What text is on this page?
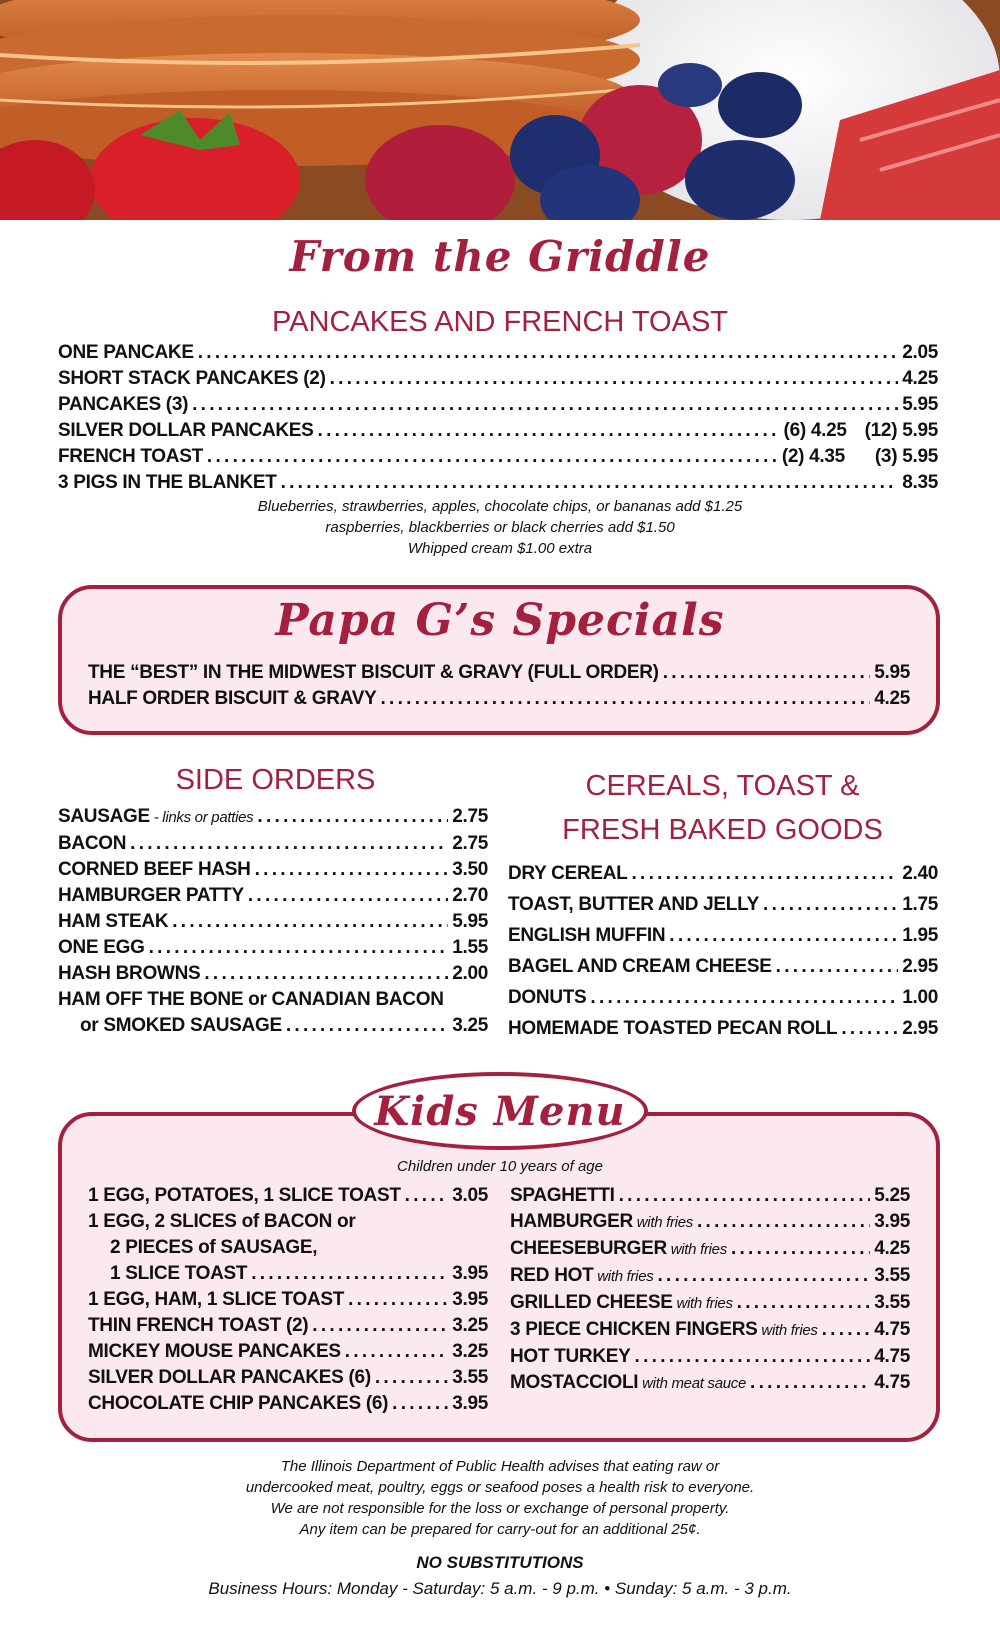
From the Griddle
PANCAKES AND FRENCH TOAST
ONE PANCAKE . . .	2.05
SHORT STACK PANCAKES (2) . . .	4.25
PANCAKES (3) . . .	5.95
SILVER DOLLAR PANCAKES . . .	(6) 4.25 (12) 5.95
FRENCH TOAST . . .	(2) 4.35 (3) 5.95
3 PIGS IN THE BLANKET . . .	8.35
Blueberries, strawberries, apples, chocolate chips, or bananas add $1.25
raspberries, blackberries or black cherries add $1.50
Whipped cream $1.00 extra
Papa G’s Specials
THE “BEST” IN THE MIDWEST BISCUIT & GRAVY (FULL ORDER) . . .	5.95
HALF ORDER BISCUIT & GRAVY . . .	4.25
SIDE ORDERS
SAUSAGE - links or patties . . .	2.75
BACON . . .	2.75
CORNED BEEF HASH . . .	3.50
HAMBURGER PATTY . . .	2.70
HAM STEAK . . .	5.95
ONE EGG . . .	1.55
HASH BROWNS . . .	2.00
HAM OFF THE BONE or CANADIAN BACON
or SMOKED SAUSAGE . . .	3.25
CEREALS, TOAST &
FRESH BAKED GOODS
DRY CEREAL . . .	2.40
TOAST, BUTTER AND JELLY . . .	1.75
ENGLISH MUFFIN . . .	1.95
BAGEL AND CREAM CHEESE . . .	2.95
DONUTS . . .	1.00
HOMEMADE TOASTED PECAN ROLL . . .	2.95
Kids Menu
Children under 10 years of age
1 EGG, POTATOES, 1 SLICE TOAST . . .	3.05
1 EGG, 2 SLICES of BACON or
2 PIECES of SAUSAGE,
1 SLICE TOAST . . .	3.95
1 EGG, HAM, 1 SLICE TOAST . . .	3.95
THIN FRENCH TOAST (2) . . .	3.25
MICKEY MOUSE PANCAKES . . .	3.25
SILVER DOLLAR PANCAKES (6) . . .	3.55
CHOCOLATE CHIP PANCAKES (6) . . .	3.95
SPAGHETTI . . .	5.25
HAMBURGER with fries . . .	3.95
CHEESEBURGER with fries . . .	4.25
RED HOT with fries . . .	3.55
GRILLED CHEESE with fries . . .	3.55
3 PIECE CHICKEN FINGERS with fries . . .	4.75
HOT TURKEY . . .	4.75
MOSTACCIOLI with meat sauce . . .	4.75
The Illinois Department of Public Health advises that eating raw or
undercooked meat, poultry, eggs or seafood poses a health risk to everyone.
We are not responsible for the loss or exchange of personal property.
Any item can be prepared for carry-out for an additional 25¢.
NO SUBSTITUTIONS
Business Hours: Monday - Saturday: 5 a.m. - 9 p.m. • Sunday: 5 a.m. - 3 p.m.
